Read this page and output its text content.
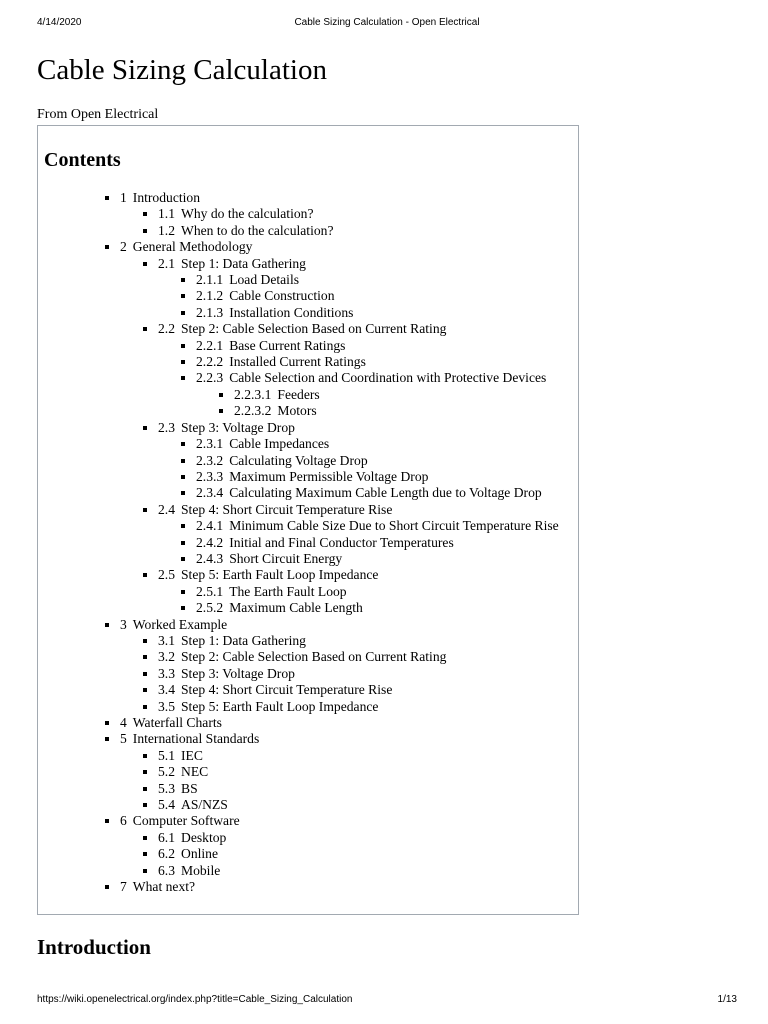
4/14/2020	Cable Sizing Calculation - Open Electrical
Cable Sizing Calculation
From Open Electrical
Contents
1 Introduction
1.1 Why do the calculation?
1.2 When to do the calculation?
2 General Methodology
2.1 Step 1: Data Gathering
2.1.1 Load Details
2.1.2 Cable Construction
2.1.3 Installation Conditions
2.2 Step 2: Cable Selection Based on Current Rating
2.2.1 Base Current Ratings
2.2.2 Installed Current Ratings
2.2.3 Cable Selection and Coordination with Protective Devices
2.2.3.1 Feeders
2.2.3.2 Motors
2.3 Step 3: Voltage Drop
2.3.1 Cable Impedances
2.3.2 Calculating Voltage Drop
2.3.3 Maximum Permissible Voltage Drop
2.3.4 Calculating Maximum Cable Length due to Voltage Drop
2.4 Step 4: Short Circuit Temperature Rise
2.4.1 Minimum Cable Size Due to Short Circuit Temperature Rise
2.4.2 Initial and Final Conductor Temperatures
2.4.3 Short Circuit Energy
2.5 Step 5: Earth Fault Loop Impedance
2.5.1 The Earth Fault Loop
2.5.2 Maximum Cable Length
3 Worked Example
3.1 Step 1: Data Gathering
3.2 Step 2: Cable Selection Based on Current Rating
3.3 Step 3: Voltage Drop
3.4 Step 4: Short Circuit Temperature Rise
3.5 Step 5: Earth Fault Loop Impedance
4 Waterfall Charts
5 International Standards
5.1 IEC
5.2 NEC
5.3 BS
5.4 AS/NZS
6 Computer Software
6.1 Desktop
6.2 Online
6.3 Mobile
7 What next?
Introduction
https://wiki.openelectrical.org/index.php?title=Cable_Sizing_Calculation	1/13
